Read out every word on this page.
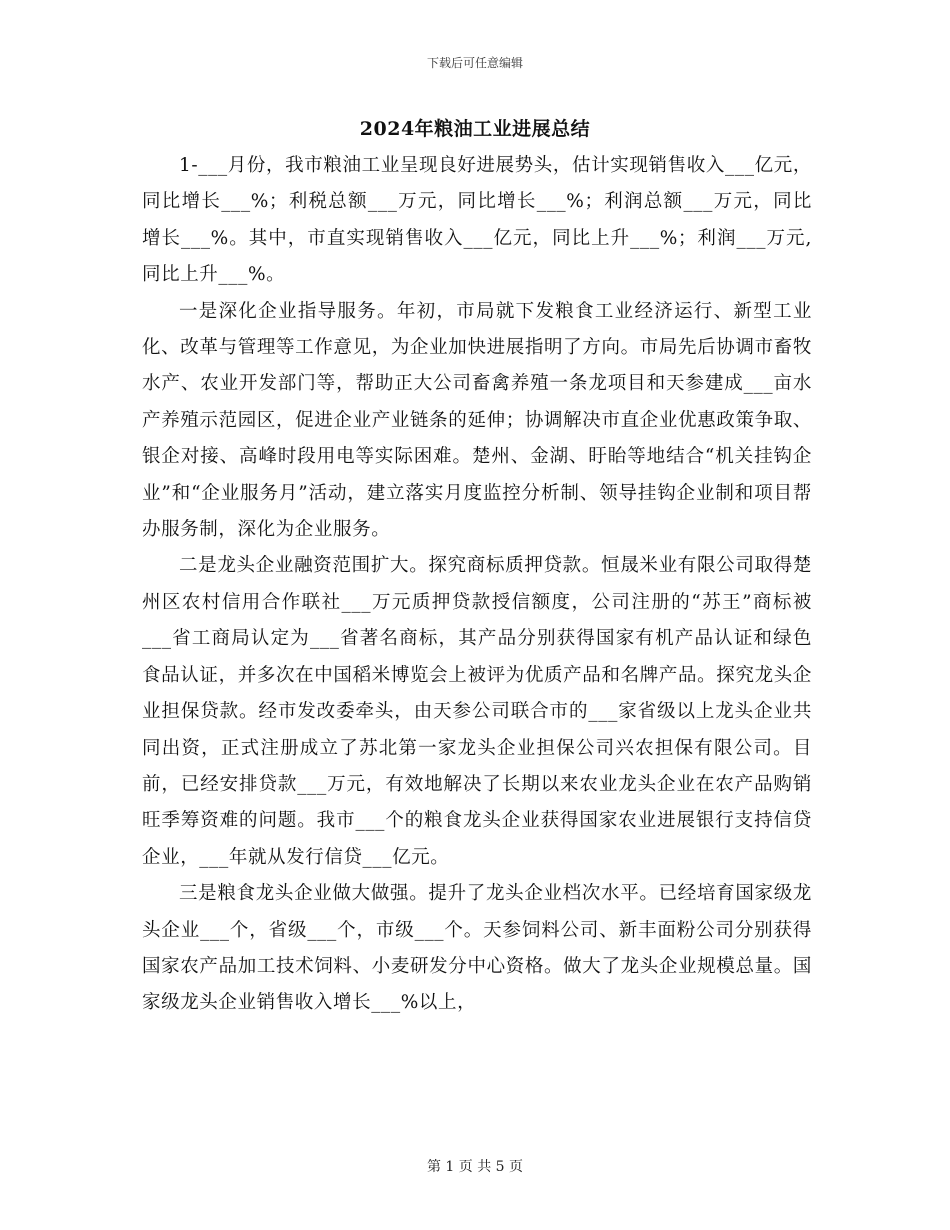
下载后可任意编辑
2024年粮油工业进展总结

1-___月份，我市粮油工业呈现良好进展势头，估计实现销售收入___亿元，同比增长___%；利税总额___万元，同比增长___%；利润总额___万元，同比增长___%。其中，市直实现销售收入___亿元，同比上升___%；利润___万元,同比上升___%。

一是深化企业指导服务。年初，市局就下发粮食工业经济运行、新型工业化、改革与管理等工作意见，为企业加快进展指明了方向。市局先后协调市畜牧水产、农业开发部门等，帮助正大公司畜禽养殖一条龙项目和天参建成___亩水产养殖示范园区，促进企业产业链条的延伸；协调解决市直企业优惠政策争取、银企对接、高峰时段用电等实际困难。楚州、金湖、盱眙等地结合“机关挂钩企业”和“企业服务月”活动，建立落实月度监控分析制、领导挂钩企业制和项目帮办服务制，深化为企业服务。

二是龙头企业融资范围扩大。探究商标质押贷款。恒晟米业有限公司取得楚州区农村信用合作联社___万元质押贷款授信额度，公司注册的“苏王”商标被___省工商局认定为___省著名商标，其产品分别获得国家有机产品认证和绿色食品认证，并多次在中国稻米博览会上被评为优质产品和名牌产品。探究龙头企业担保贷款。经市发改委牵头，由天参公司联合市的___家省级以上龙头企业共同出资，正式注册成立了苏北第一家龙头企业担保公司兴农担保有限公司。目前，已经安排贷款___万元，有效地解决了长期以来农业龙头企业在农产品购销旺季筹资难的问题。我市___个的粮食龙头企业获得国家农业进展银行支持信贷企业，___年就从发行信贷___亿元。

三是粮食龙头企业做大做强。提升了龙头企业档次水平。已经培育国家级龙头企业___个，省级___个，市级___个。天参饲料公司、新丰面粉公司分别获得国家农产品加工技术饲料、小麦研发分中心资格。做大了龙头企业规模总量。国家级龙头企业销售收入增长___%以上，

第 1 页 共 5 页
